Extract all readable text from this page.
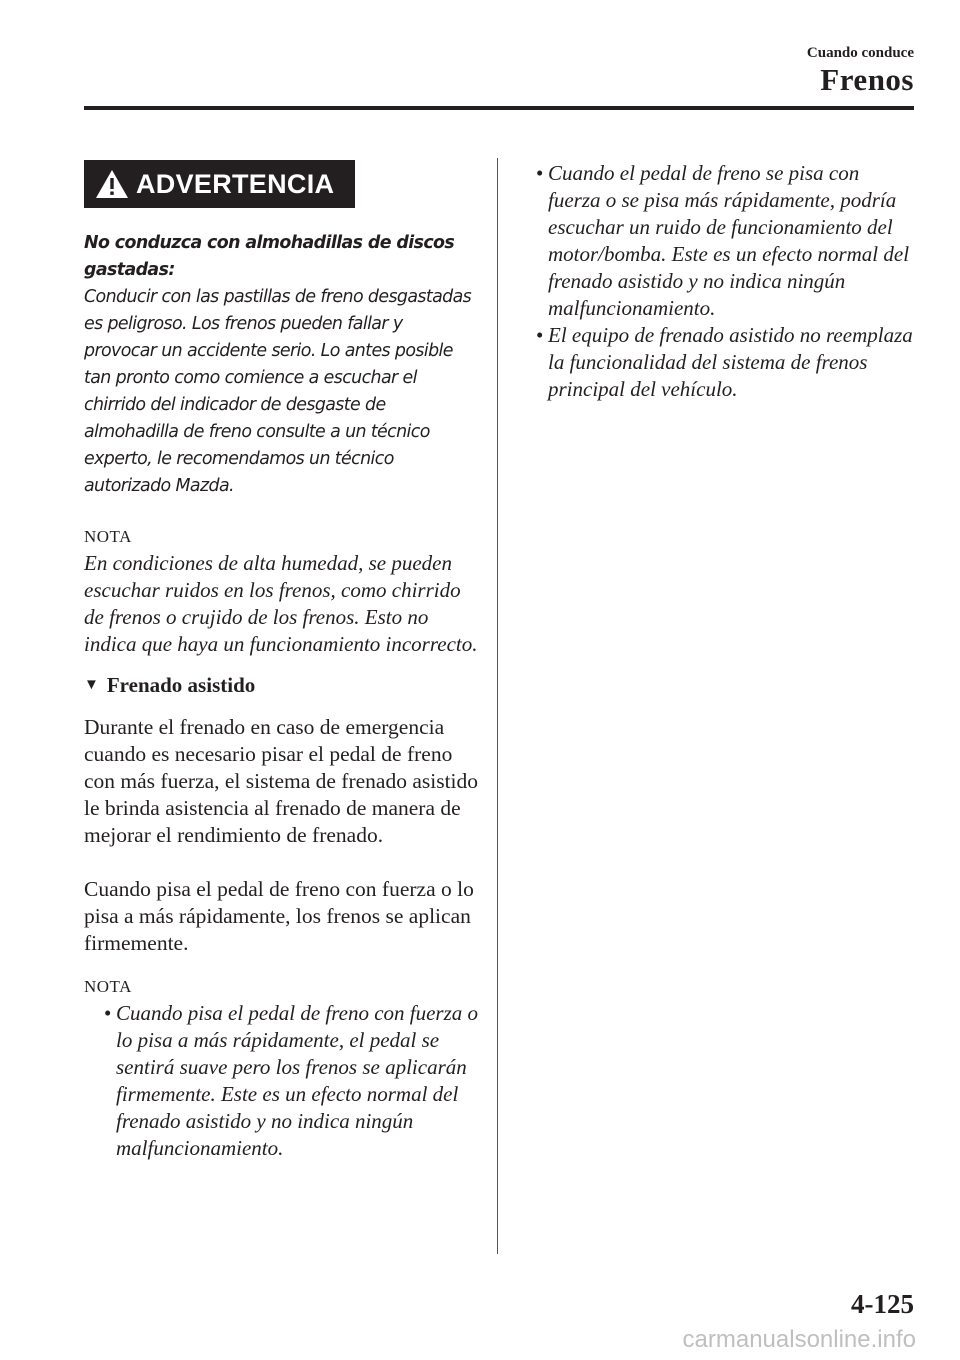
Cuando conduce
Frenos
ADVERTENCIA

No conduzca con almohadillas de discos gastadas:

Conducir con las pastillas de freno desgastadas es peligroso. Los frenos pueden fallar y provocar un accidente serio. Lo antes posible tan pronto como comience a escuchar el chirrido del indicador de desgaste de almohadilla de freno consulte a un técnico experto, le recomendamos un técnico autorizado Mazda.

NOTA

En condiciones de alta humedad, se pueden escuchar ruidos en los frenos, como chirrido de frenos o crujido de los frenos. Esto no indica que haya un funcionamiento incorrecto.

▼ Frenado asistido

Durante el frenado en caso de emergencia cuando es necesario pisar el pedal de freno con más fuerza, el sistema de frenado asistido le brinda asistencia al frenado de manera de mejorar el rendimiento de frenado.

Cuando pisa el pedal de freno con fuerza o lo pisa a más rápidamente, los frenos se aplican firmemente.

NOTA
• Cuando pisa el pedal de freno con fuerza o lo pisa a más rápidamente, el pedal se sentirá suave pero los frenos se aplicarán firmemente. Este es un efecto normal del frenado asistido y no indica ningún malfuncionamiento.
• Cuando el pedal de freno se pisa con fuerza o se pisa más rápidamente, podría escuchar un ruido de funcionamiento del motor/bomba. Este es un efecto normal del frenado asistido y no indica ningún malfuncionamiento.
• El equipo de frenado asistido no reemplaza la funcionalidad del sistema de frenos principal del vehículo.
4-125
carmanualsonline.info
